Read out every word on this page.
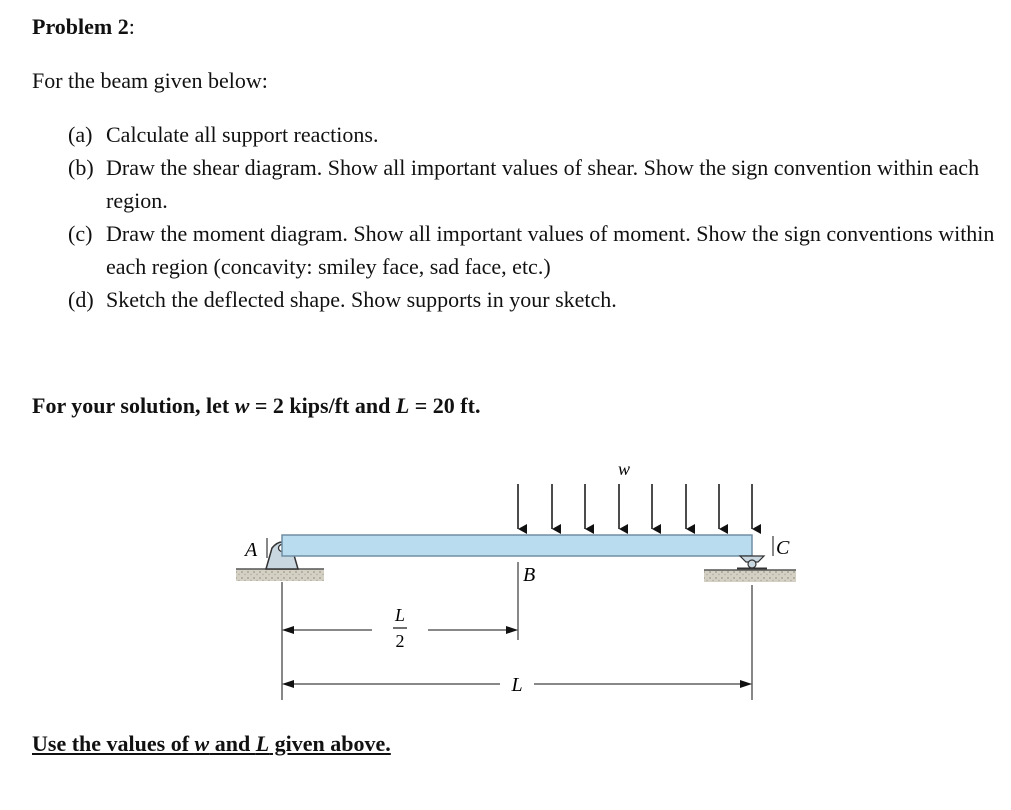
Problem 2:
For the beam given below:
(a) Calculate all support reactions.
(b) Draw the shear diagram. Show all important values of shear. Show the sign convention within each region.
(c) Draw the moment diagram. Show all important values of moment. Show the sign conventions within each region (concavity: smiley face, sad face, etc.)
(d) Sketch the deflected shape. Show supports in your sketch.
For your solution, let w = 2 kips/ft and L = 20 ft.
w
A
B
C
L
2
L
Use the values of w and L given above.
